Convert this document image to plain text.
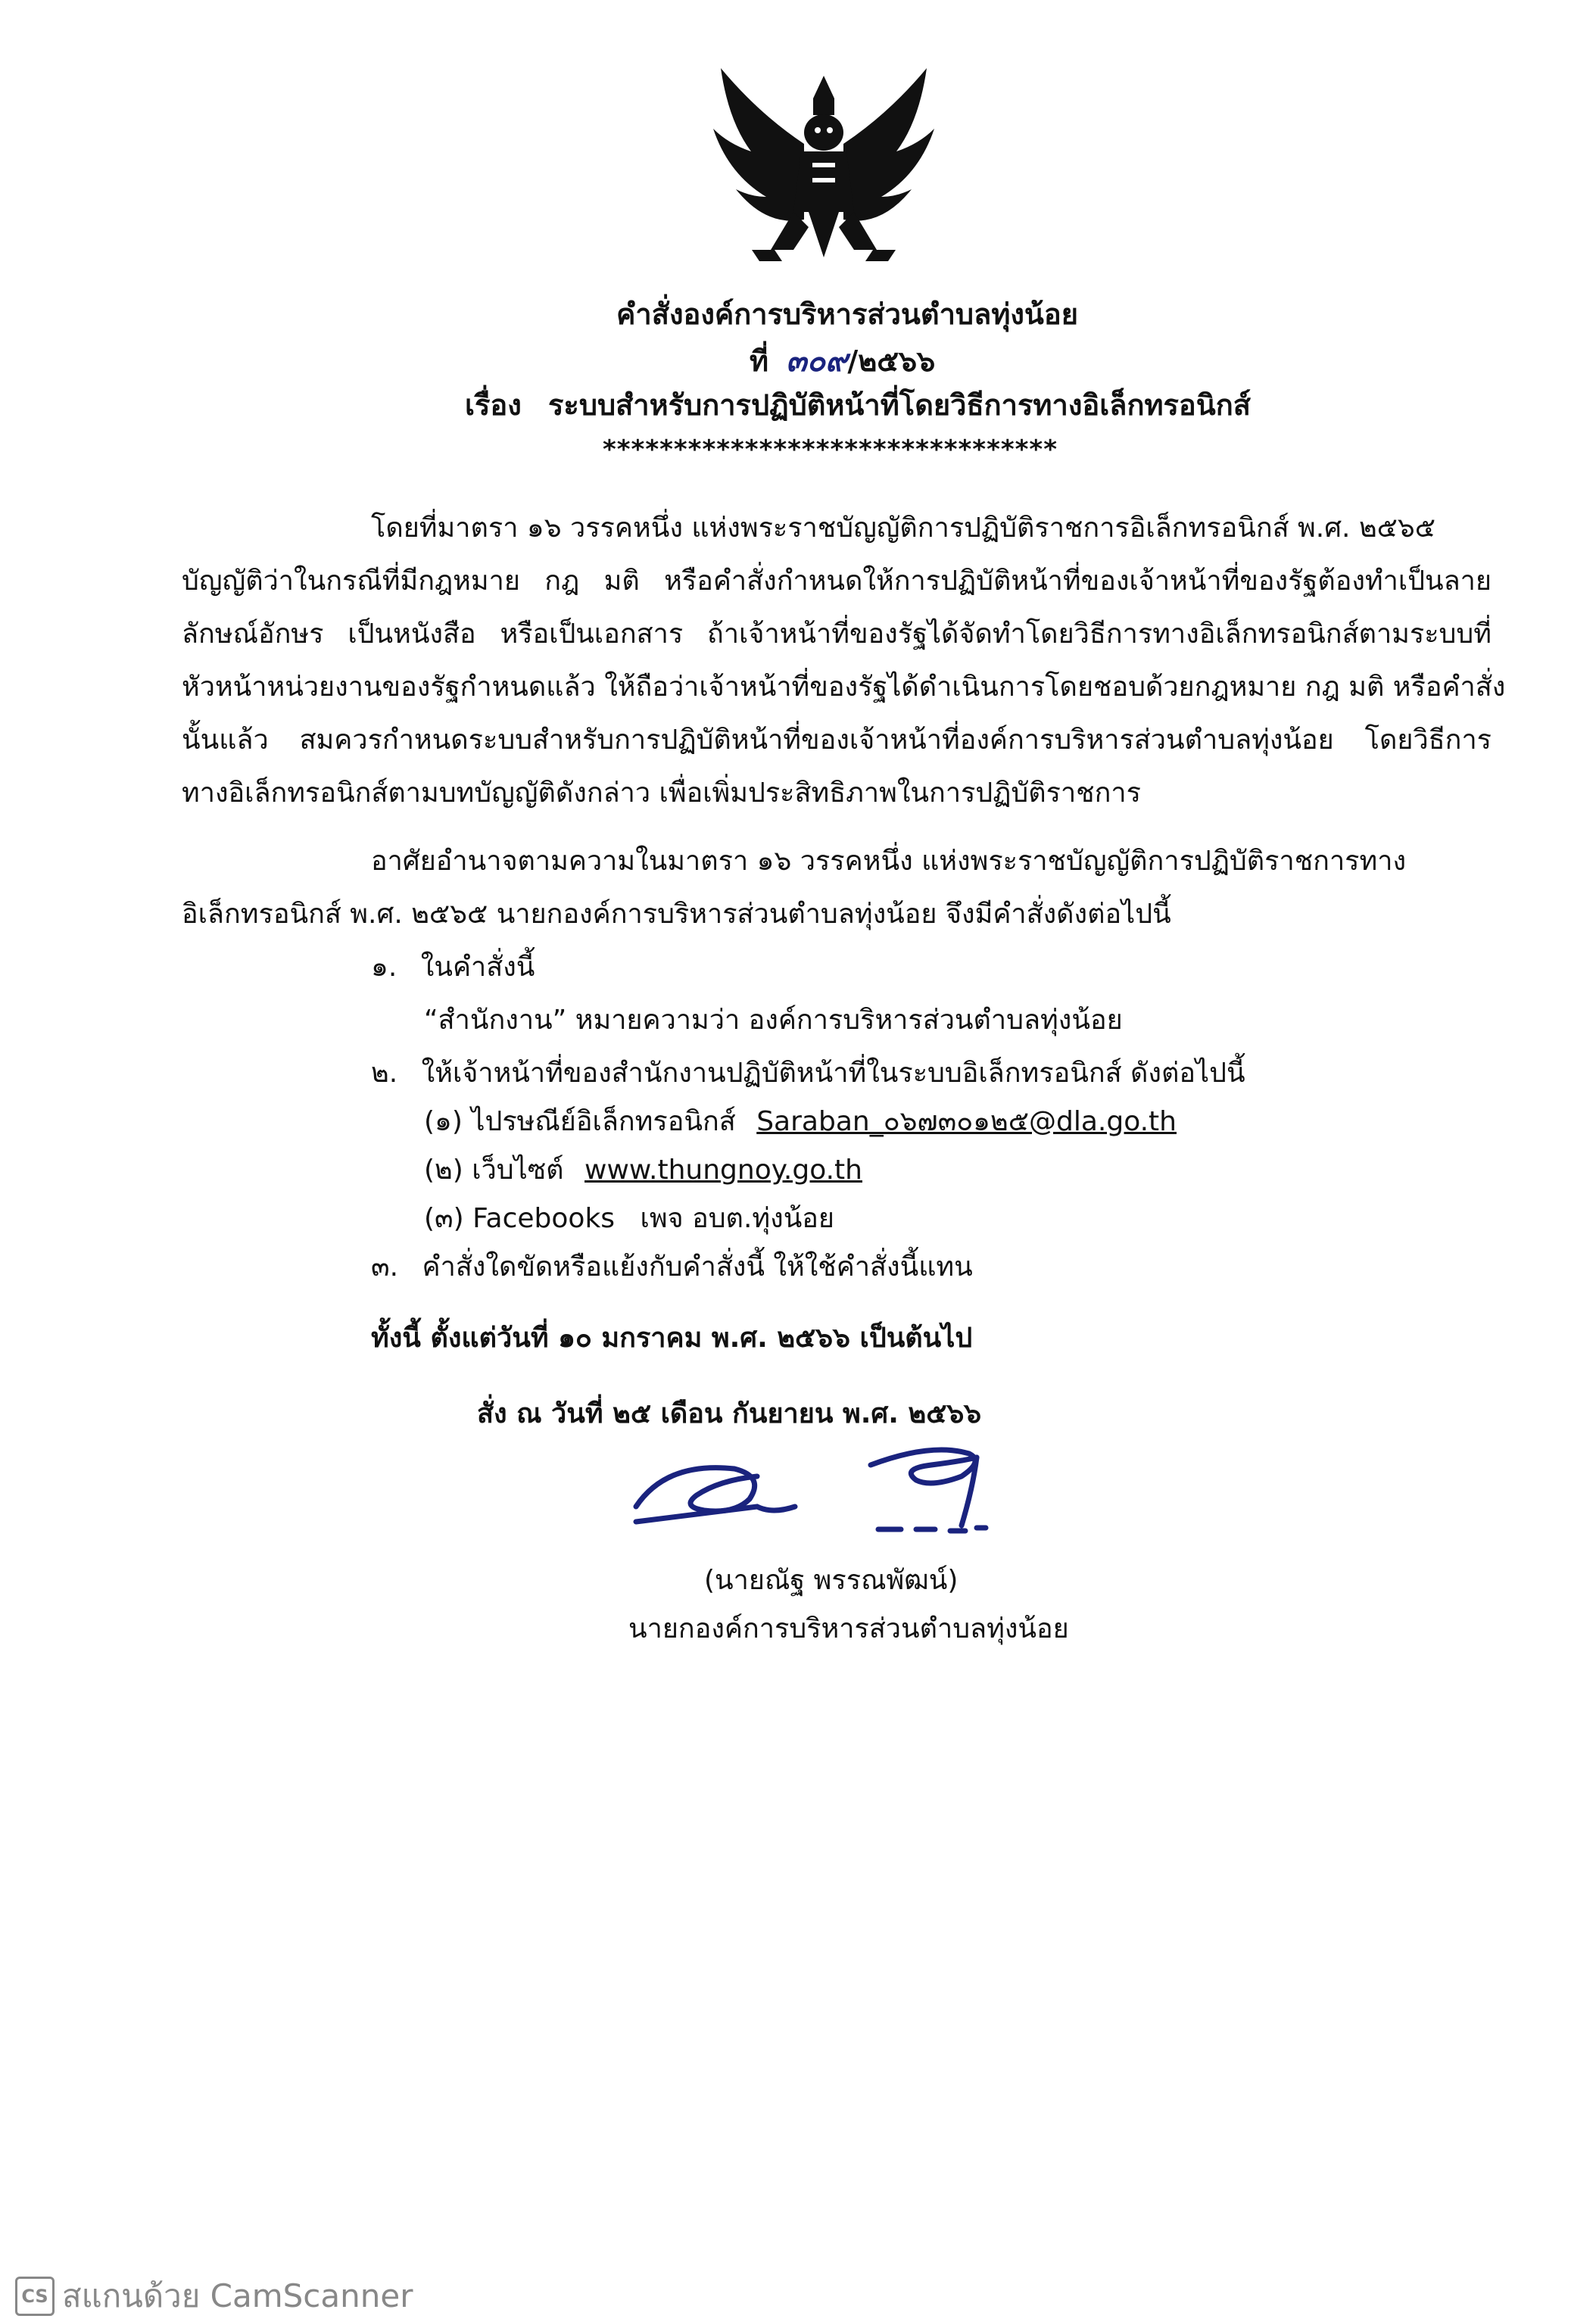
คำสั่งองค์การบริหารส่วนตำบลทุ่งน้อย
ที่ ๓๐๙/๒๕๖๖
เรื่อง ระบบสำหรับการปฏิบัติหน้าที่โดยวิธีการทางอิเล็กทรอนิกส์
********************************
โดยที่มาตรา ๑๖ วรรคหนึ่ง แห่งพระราชบัญญัติการปฏิบัติราชการอิเล็กทรอนิกส์ พ.ศ. ๒๕๖๕
บัญญัติว่าในกรณีที่มีกฎหมาย กฎ มติ หรือคำสั่งกำหนดให้การปฏิบัติหน้าที่ของเจ้าหน้าที่ของรัฐต้องทำเป็นลาย
ลักษณ์อักษร เป็นหนังสือ หรือเป็นเอกสาร ถ้าเจ้าหน้าที่ของรัฐได้จัดทำโดยวิธีการทางอิเล็กทรอนิกส์ตามระบบที่
หัวหน้าหน่วยงานของรัฐกำหนดแล้ว ให้ถือว่าเจ้าหน้าที่ของรัฐได้ดำเนินการโดยชอบด้วยกฎหมาย กฎ มติ หรือคำสั่ง
นั้นแล้ว สมควรกำหนดระบบสำหรับการปฏิบัติหน้าที่ของเจ้าหน้าที่องค์การบริหารส่วนตำบลทุ่งน้อย โดยวิธีการ
ทางอิเล็กทรอนิกส์ตามบทบัญญัติดังกล่าว เพื่อเพิ่มประสิทธิภาพในการปฏิบัติราชการ
อาศัยอำนาจตามความในมาตรา ๑๖ วรรคหนึ่ง แห่งพระราชบัญญัติการปฏิบัติราชการทาง
อิเล็กทรอนิกส์ พ.ศ. ๒๕๖๕ นายกองค์การบริหารส่วนตำบลทุ่งน้อย จึงมีคำสั่งดังต่อไปนี้
๑. ในคำสั่งนี้
“สำนักงาน” หมายความว่า องค์การบริหารส่วนตำบลทุ่งน้อย
๒. ให้เจ้าหน้าที่ของสำนักงานปฏิบัติหน้าที่ในระบบอิเล็กทรอนิกส์ ดังต่อไปนี้
(๑) ไปรษณีย์อิเล็กทรอนิกส์ Saraban_๐๖๗๓๐๑๒๕@dla.go.th
(๒) เว็บไซต์ www.thungnoy.go.th
(๓) Facebooks เพจ อบต.ทุ่งน้อย
๓. คำสั่งใดขัดหรือแย้งกับคำสั่งนี้ ให้ใช้คำสั่งนี้แทน
ทั้งนี้ ตั้งแต่วันที่ ๑๐ มกราคม พ.ศ. ๒๕๖๖ เป็นต้นไป
สั่ง ณ วันที่ ๒๕ เดือน กันยายน พ.ศ. ๒๕๖๖
(นายณัฐ พรรณพัฒน์)
นายกองค์การบริหารส่วนตำบลทุ่งน้อย
CS สแกนด้วย CamScanner
